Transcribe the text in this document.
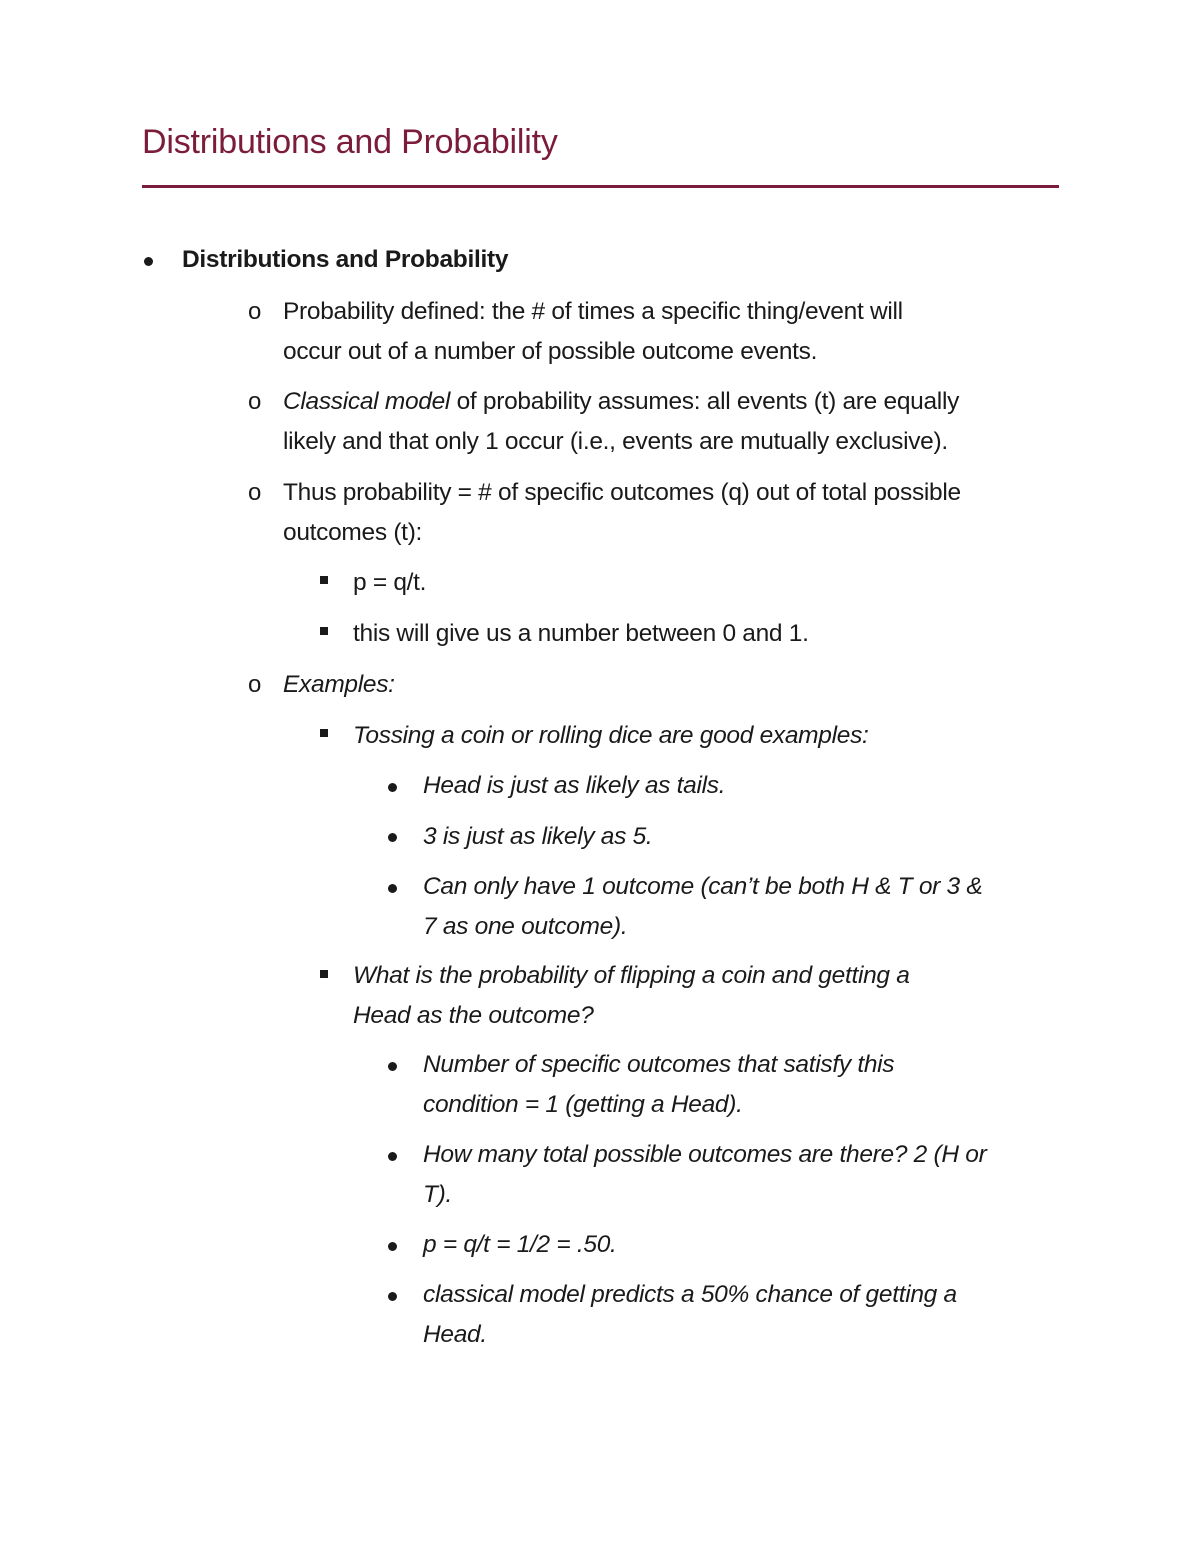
Distributions and Probability
Distributions and Probability
o Probability defined: the # of times a specific thing/event will
occur out of a number of possible outcome events.
o Classical model of probability assumes: all events (t) are equally
likely and that only 1 occur (i.e., events are mutually exclusive).
o Thus probability = # of specific outcomes (q) out of total possible
outcomes (t):
p = q/t.
this will give us a number between 0 and 1.
o Examples:
Tossing a coin or rolling dice are good examples:
Head is just as likely as tails.
3 is just as likely as 5.
Can only have 1 outcome (can’t be both H & T or 3 &
7 as one outcome).
What is the probability of flipping a coin and getting a
Head as the outcome?
Number of specific outcomes that satisfy this
condition = 1 (getting a Head).
How many total possible outcomes are there? 2 (H or
T).
p = q/t = 1/2 = .50.
classical model predicts a 50% chance of getting a
Head.
